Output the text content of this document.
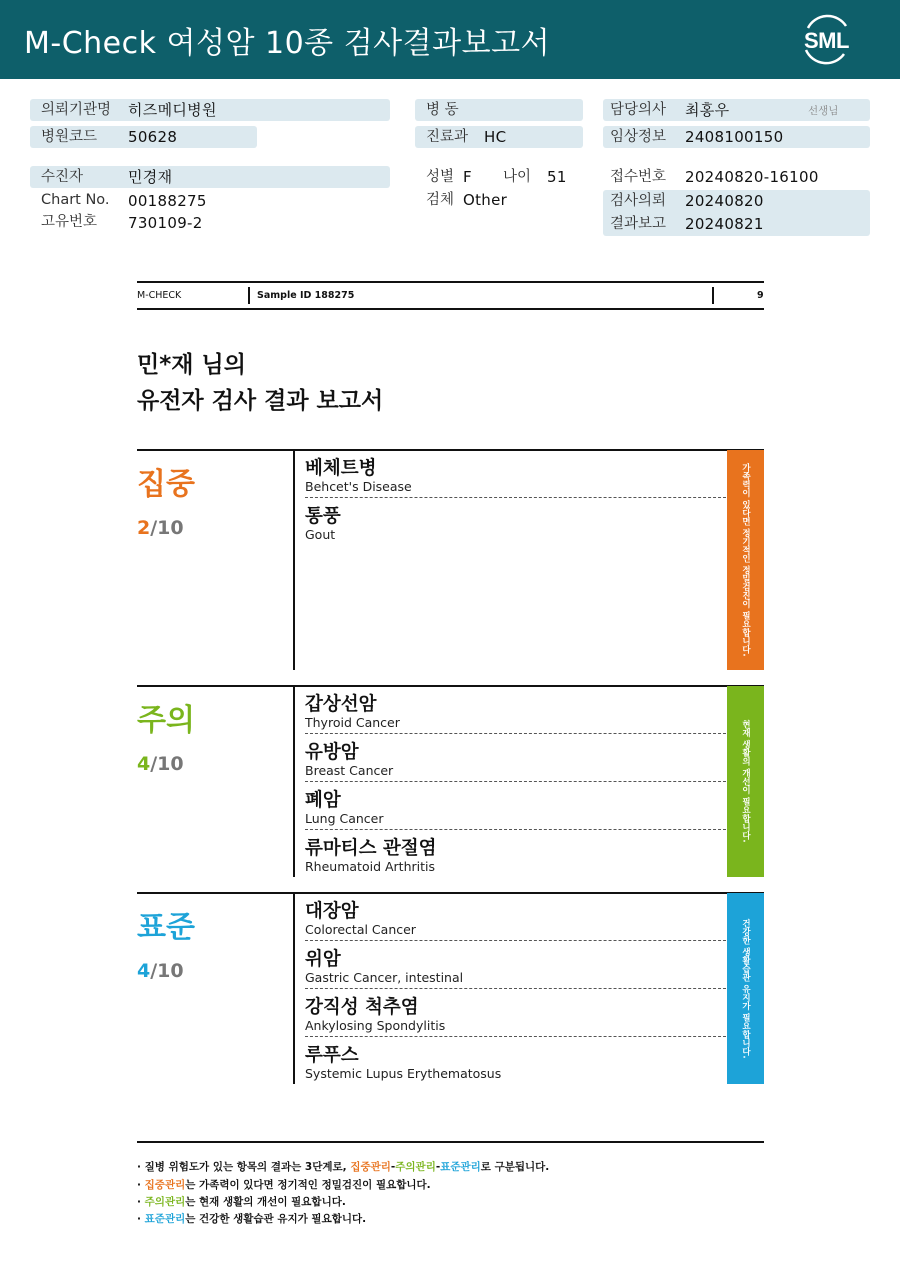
M-Check 여성암 10종 검사결과보고서	SML
의뢰기관명 히즈메디병원
병원코드 50628
수진자	민경재
Chart No. 00188275
고유번호 730109-2
병 동
진료과 HC
성별 F 나이 51
검체 Other
담당의사 최홍우	선생님
임상정보 2408100150
접수번호 20240820-16100
검사의뢰 20240820
결과보고 20240821
M-CHECK	Sample ID 188275	9
민*재 님의
유전자 검사 결과 보고서
집중
2/10	가족력이 있다면 정기적인 정밀검진이 필요합니다.
베체트병
Behcet's Disease
통풍
Gout
주의
4/10	현재 생활의 개선이 필요합니다.
갑상선암
Thyroid Cancer
유방암
Breast Cancer
폐암
Lung Cancer
류마티스 관절염
Rheumatoid Arthritis
표준
4/10	건강한 생활습관 유지가 필요합니다.
대장암
Colorectal Cancer
위암
Gastric Cancer, intestinal
강직성 척추염
Ankylosing Spondylitis
루푸스
Systemic Lupus Erythematosus
· 질병 위험도가 있는 항목의 결과는 3단계로, 집중관리-주의관리-표준관리로 구분됩니다.
· 집중관리는 가족력이 있다면 정기적인 정밀검진이 필요합니다.
· 주의관리는 현재 생활의 개선이 필요합니다.
· 표준관리는 건강한 생활습관 유지가 필요합니다.
